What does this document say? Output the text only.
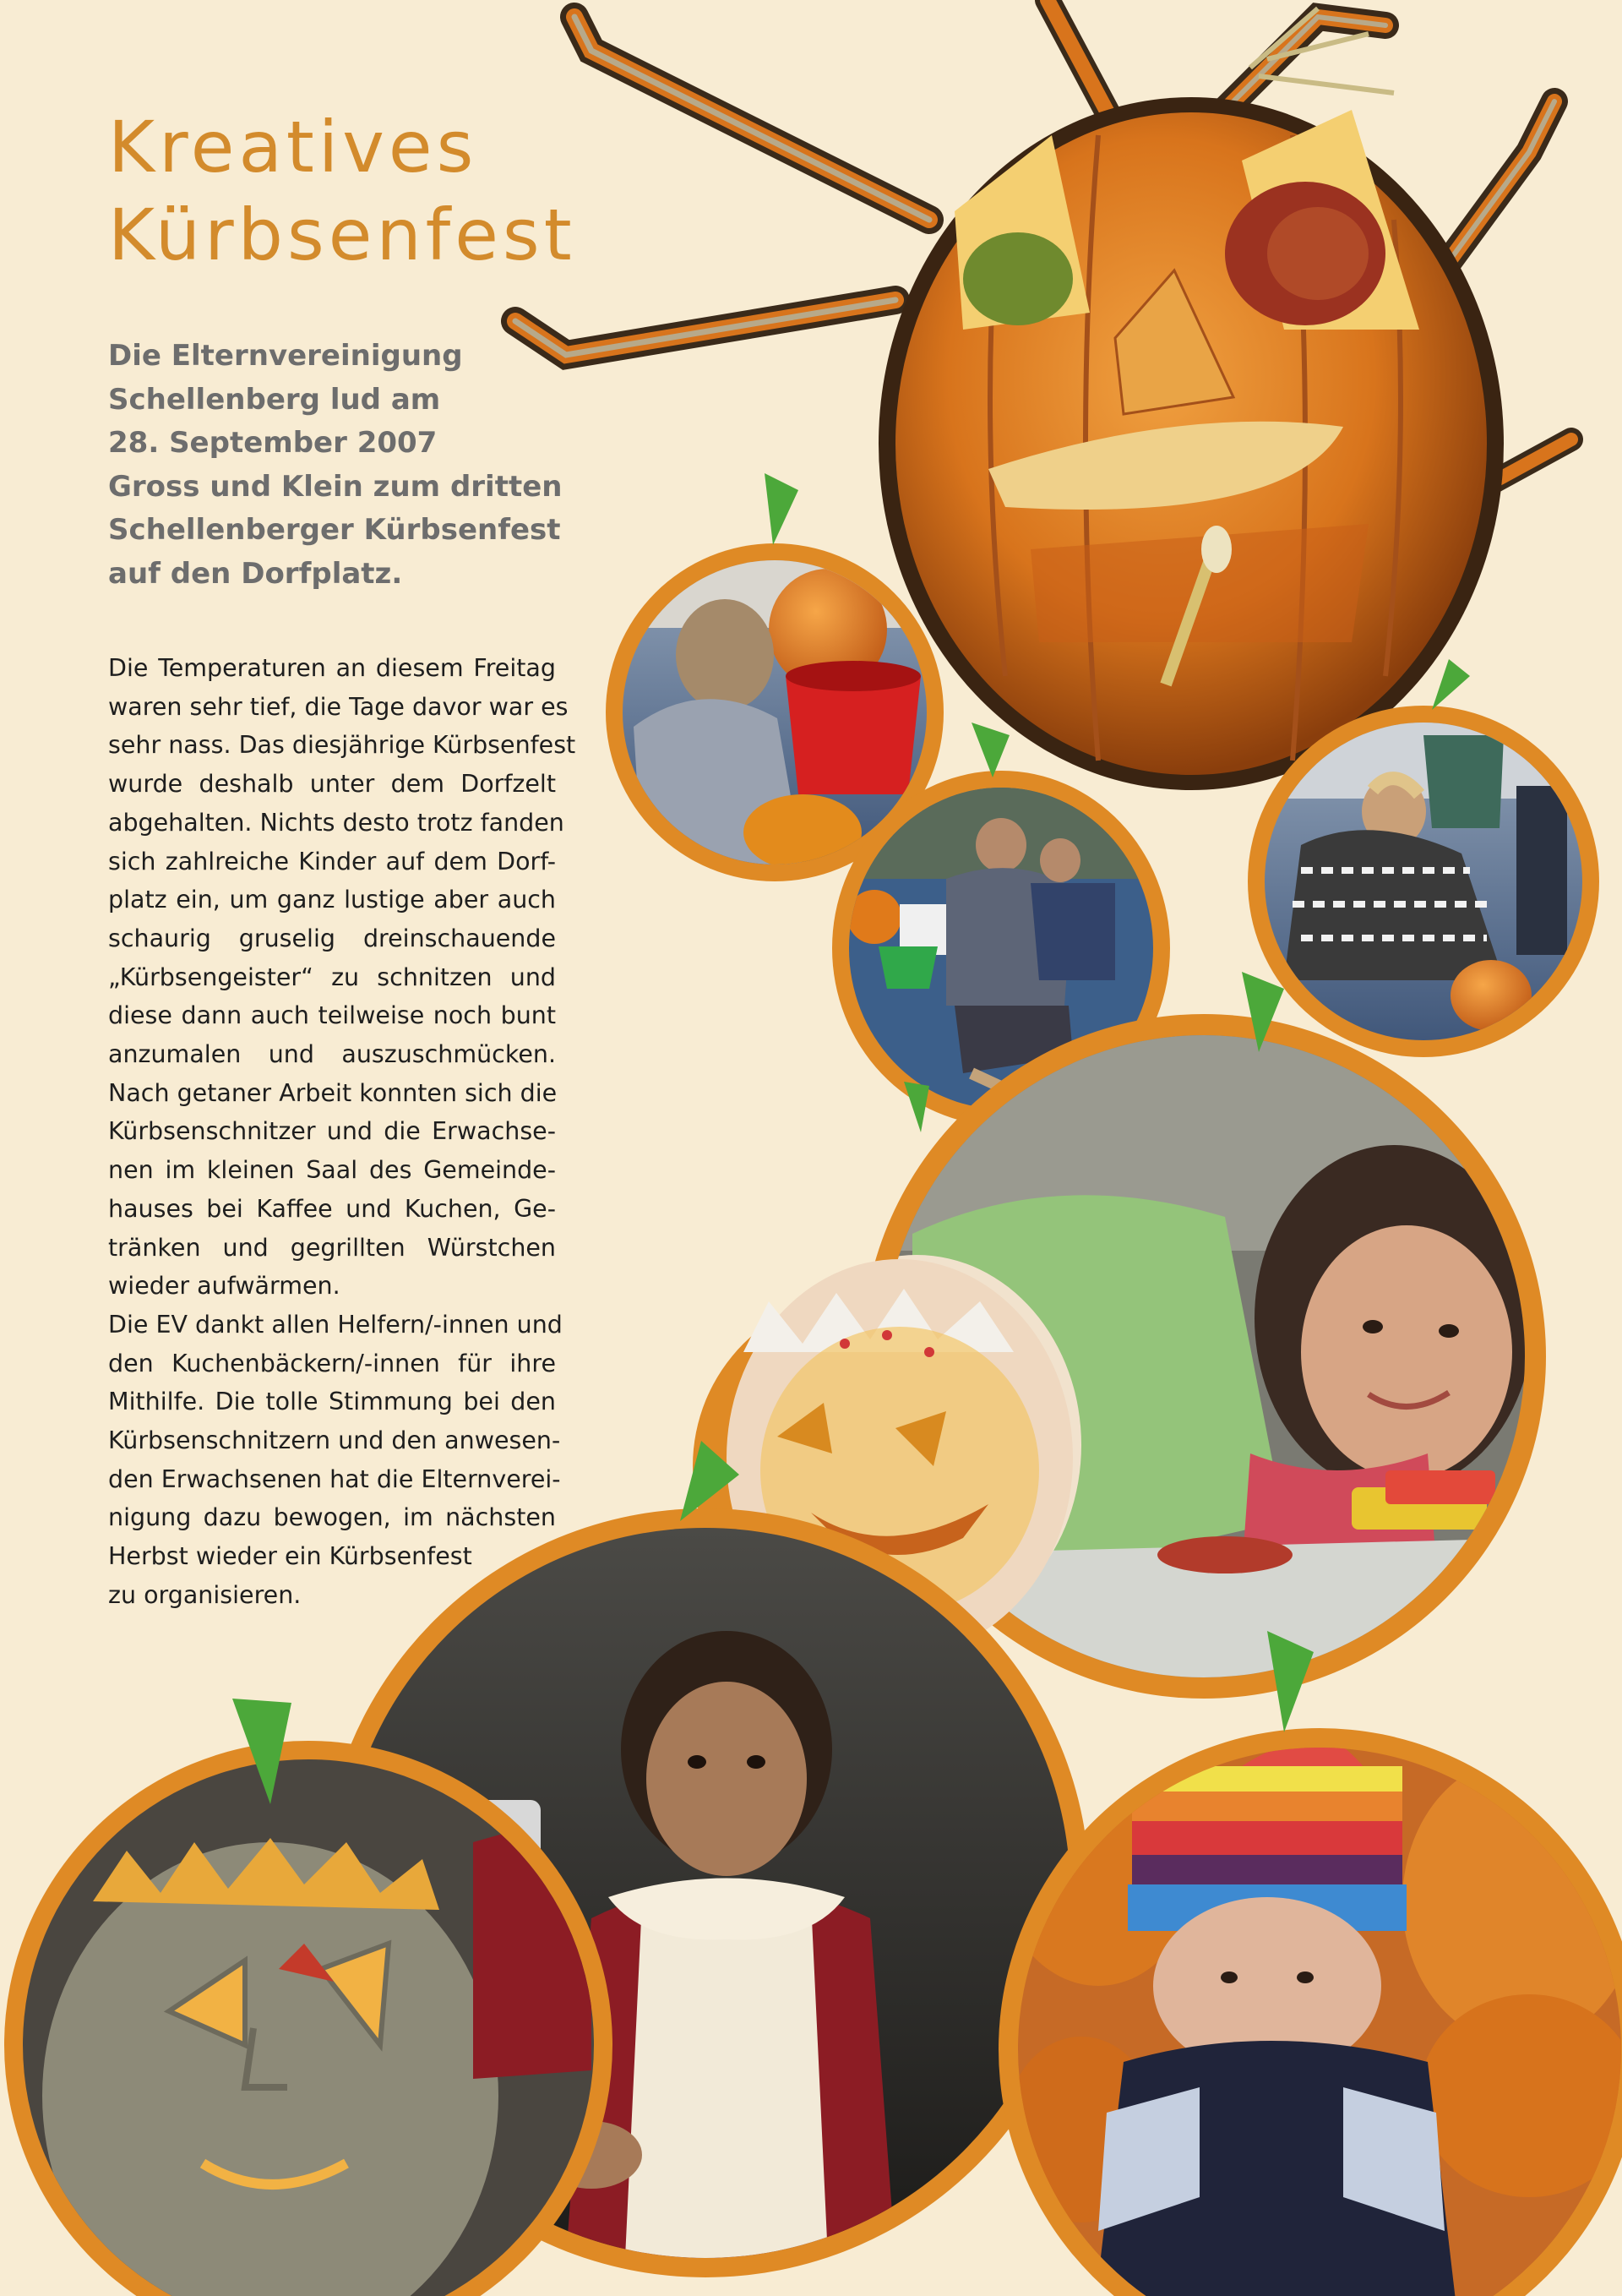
Kreatives
Kürbsenfest

Die Elternvereinigung
Schellenberg lud am
28. September 2007
Gross und Klein zum dritten
Schellenberger Kürbsenfest
auf den Dorfplatz.

Die Temperaturen an diesem Freitag
waren sehr tief, die Tage davor war es
sehr nass. Das diesjährige Kürbsenfest
wurde deshalb unter dem Dorfzelt
abgehalten. Nichts desto trotz fanden
sich zahlreiche Kinder auf dem Dorf-
platz ein, um ganz lustige aber auch
schaurig gruselig dreinschauende
„Kürbsengeister“ zu schnitzen und
diese dann auch teilweise noch bunt
anzumalen und auszuschmücken.
Nach getaner Arbeit konnten sich die
Kürbsenschnitzer und die Erwachse-
nen im kleinen Saal des Gemeinde-
hauses bei Kaffee und Kuchen, Ge-
tränken und gegrillten Würstchen
wieder aufwärmen.
Die EV dankt allen Helfern/-innen und
den Kuchenbäckern/-innen für ihre
Mithilfe. Die tolle Stimmung bei den
Kürbsenschnitzern und den anwesen-
den Erwachsenen hat die Elternverei-
nigung dazu bewogen, im nächsten
Herbst wieder ein Kürbsenfest
zu organisieren.
